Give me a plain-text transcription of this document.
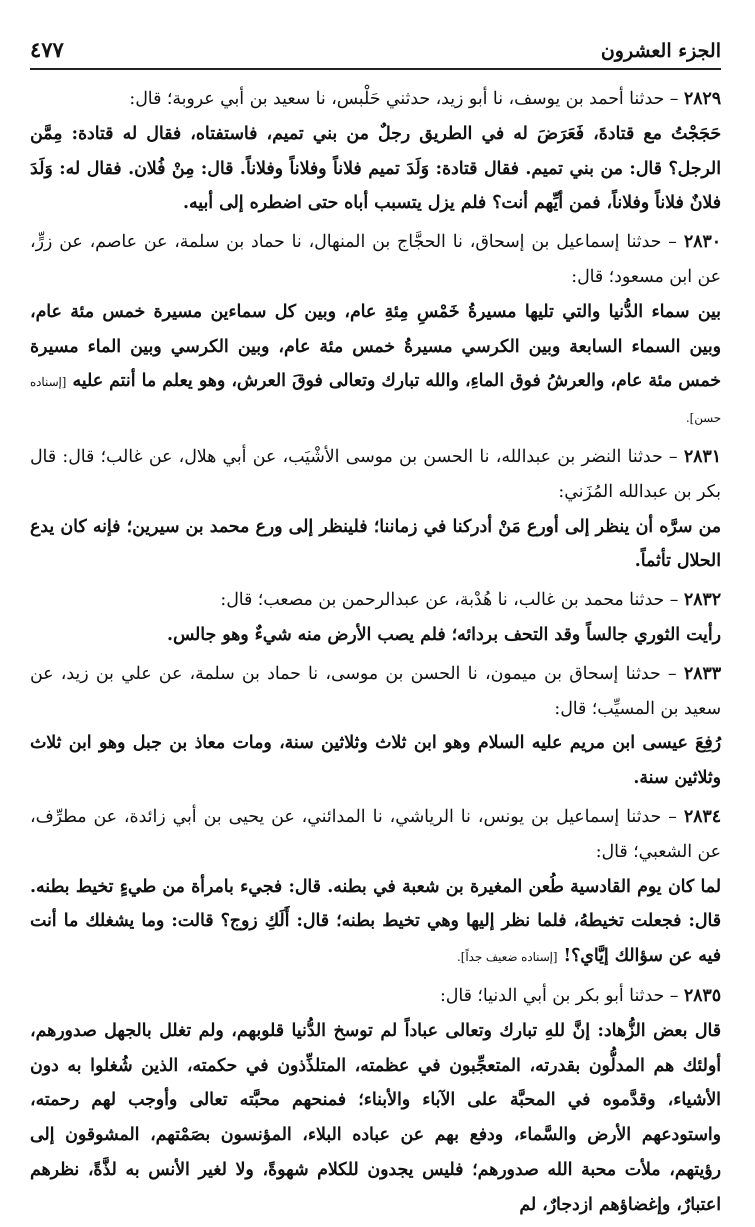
٤٧٧	الجزء العشرون

٢٨٢٩ – حدثنا أحمد بن يوسف، نا أبو زيد، حدثني حَلْبس، نا سعيد بن أبي عروبة؛ قال:

حَجَجْتُ مع قتادةَ، فَعَرَضَ له في الطريق رجلٌ من بني تميم، فاستفتاه، فقال له قتادة: مِمَّن الرجل؟ قال: من بني تميم. فقال قتادة: وَلَدَ تميم فلاناً وفلاناً وفلاناً. قال: مِنْ فُلان. فقال له: وَلَدَ فلانٌ فلاناً وفلاناً، فمن أيِّهم أنت؟ فلم يزل يتسبب أباه حتى اضطره إلى أبيه.

٢٨٣٠ – حدثنا إسماعيل بن إسحاق، نا الحجَّاج بن المنهال، نا حماد بن سلمة، عن عاصم، عن زرٍّ، عن ابن مسعود؛ قال:

بين سماء الدُّنيا والتي تليها مسيرةُ خَمْسِ مِئةِ عام، وبين كل سماءين مسيرة خمس مئة عام، وبين السماء السابعة وبين الكرسي مسيرةُ خمس مئة عام، وبين الكرسي وبين الماء مسيرة خمس مئة عام، والعرشُ فوق الماءِ، والله تبارك وتعالى فوقَ العرش، وهو يعلم ما أنتم عليه [إسناده حسن].

٢٨٣١ – حدثنا النضر بن عبدالله، نا الحسن بن موسى الأشْيَب، عن أبي هلال، عن غالب؛ قال: قال بكر بن عبدالله المُزَني:

من سرَّه أن ينظر إلى أورع مَنْ أدركنا في زماننا؛ فلينظر إلى ورع محمد بن سيرين؛ فإنه كان يدع الحلال تأثماً.

٢٨٣٢ – حدثنا محمد بن غالب، نا هُدْبة، عن عبدالرحمن بن مصعب؛ قال:

رأيت الثوري جالساً وقد التحف بردائه؛ فلم يصب الأرض منه شيءٌ وهو جالس.

٢٨٣٣ – حدثنا إسحاق بن ميمون، نا الحسن بن موسى، نا حماد بن سلمة، عن علي بن زيد، عن سعيد بن المسيِّب؛ قال:

رُفِعَ عيسى ابن مريم عليه السلام وهو ابن ثلاث وثلاثين سنة، ومات معاذ بن جبل وهو ابن ثلاث وثلاثين سنة.

٢٨٣٤ – حدثنا إسماعيل بن يونس، نا الرياشي، نا المدائني، عن يحيى بن أبي زائدة، عن مطرِّف، عن الشعبي؛ قال:

لما كان يوم القادسية طُعن المغيرة بن شعبة في بطنه. قال: فجيء بامرأة من طيءٍ تخيط بطنه. قال: فجعلت تخيطهُ، فلما نظر إليها وهي تخيط بطنه؛ قال: أَلَكِ زوج؟ قالت: وما يشغلك ما أنت فيه عن سؤالك إيَّاي؟! [إسناده ضعيف جداً].

٢٨٣٥ – حدثنا أبو بكر بن أبي الدنيا؛ قال:

قال بعض الزُّهاد: إنَّ للهِ تبارك وتعالى عباداً لم توسخ الدُّنيا قلوبهم، ولم تغلل بالجهل صدورهم، أولئك هم المدلُّون بقدرته، المتعجِّبون في عظمته، المتلذِّذون في حكمته، الذين شُغلوا به دون الأشياء، وقدَّموه في المحبَّة على الآباء والأبناء؛ فمنحهم محبَّته تعالى وأوجب لهم رحمته، واستودعهم الأرض والسَّماء، ودفع بهم عن عباده البلاء، المؤنسون بصَمْتهم، المشوقون إلى رؤيتهم، ملأت محبة الله صدورهم؛ فليس يجدون للكلام شهوةً، ولا لغير الأنس به لذَّةً، نظرهم اعتبارٌ، وإغضاؤهم ازدجارٌ، لم
